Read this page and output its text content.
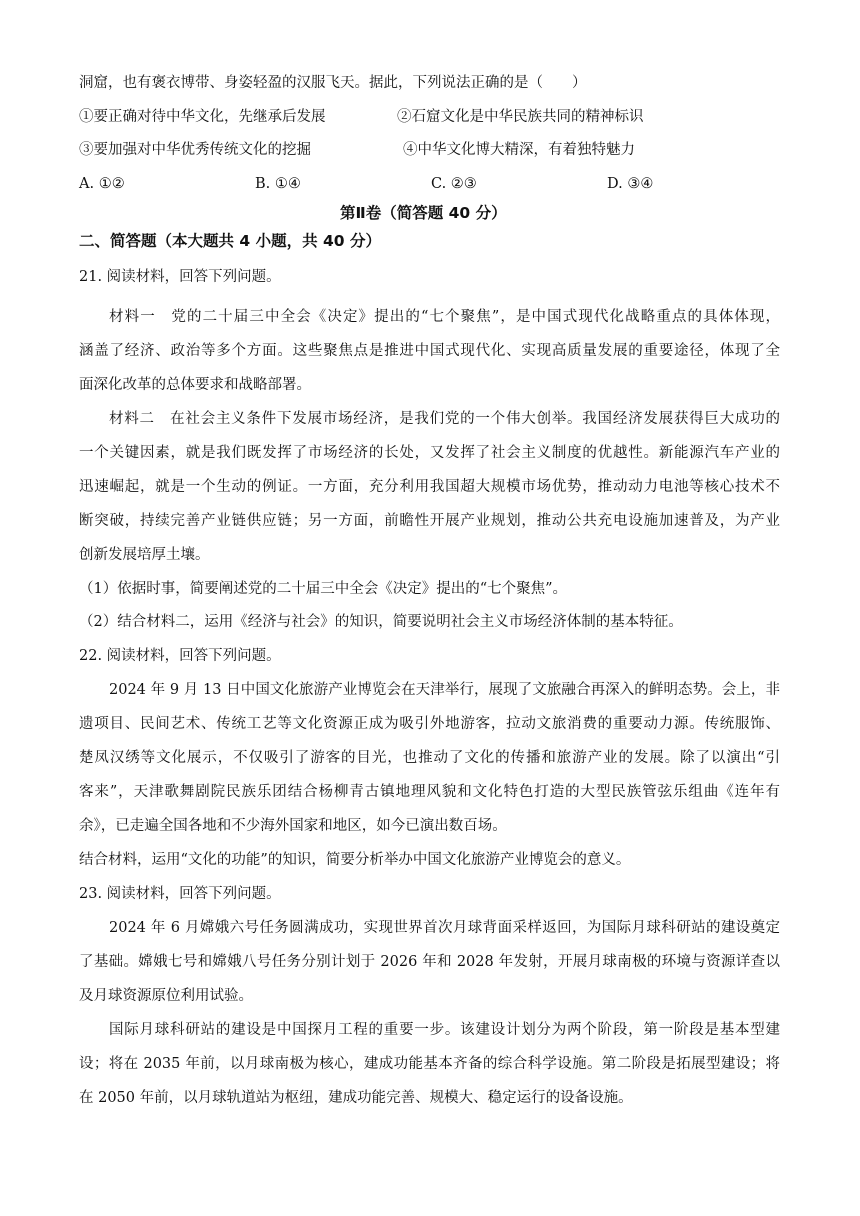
洞窟，也有褒衣博带、身姿轻盈的汉服飞天。据此，下列说法正确的是（　　）
①要正确对待中华文化，先继承后发展	②石窟文化是中华民族共同的精神标识
③要加强对中华优秀传统文化的挖掘	④中华文化博大精深，有着独特魅力
A. ①②	B. ①④	C. ②③	D. ③④
第Ⅱ卷（简答题 40 分）
二、简答题（本大题共 4 小题，共 40 分）
21. 阅读材料，回答下列问题。
材料一　党的二十届三中全会《决定》提出的“七个聚焦”，是中国式现代化战略重点的具体体现，
涵盖了经济、政治等多个方面。这些聚焦点是推进中国式现代化、实现高质量发展的重要途径，体现了全
面深化改革的总体要求和战略部署。
材料二　在社会主义条件下发展市场经济，是我们党的一个伟大创举。我国经济发展获得巨大成功的
一个关键因素，就是我们既发挥了市场经济的长处，又发挥了社会主义制度的优越性。新能源汽车产业的
迅速崛起，就是一个生动的例证。一方面，充分利用我国超大规模市场优势，推动动力电池等核心技术不
断突破，持续完善产业链供应链；另一方面，前瞻性开展产业规划，推动公共充电设施加速普及，为产业
创新发展培厚土壤。
（1）依据时事，简要阐述党的二十届三中全会《决定》提出的“七个聚焦”。
（2）结合材料二，运用《经济与社会》的知识，简要说明社会主义市场经济体制的基本特征。
22. 阅读材料，回答下列问题。
2024 年 9 月 13 日中国文化旅游产业博览会在天津举行，展现了文旅融合再深入的鲜明态势。会上，非
遗项目、民间艺术、传统工艺等文化资源正成为吸引外地游客，拉动文旅消费的重要动力源。传统服饰、
楚凤汉绣等文化展示，不仅吸引了游客的目光，也推动了文化的传播和旅游产业的发展。除了以演出“引
客来”，天津歌舞剧院民族乐团结合杨柳青古镇地理风貌和文化特色打造的大型民族管弦乐组曲《连年有
余》，已走遍全国各地和不少海外国家和地区，如今已演出数百场。
结合材料，运用“文化的功能”的知识，简要分析举办中国文化旅游产业博览会的意义。
23. 阅读材料，回答下列问题。
2024 年 6 月嫦娥六号任务圆满成功，实现世界首次月球背面采样返回，为国际月球科研站的建设奠定
了基础。嫦娥七号和嫦娥八号任务分别计划于 2026 年和 2028 年发射，开展月球南极的环境与资源详查以
及月球资源原位利用试验。
国际月球科研站的建设是中国探月工程的重要一步。该建设计划分为两个阶段，第一阶段是基本型建
设；将在 2035 年前，以月球南极为核心，建成功能基本齐备的综合科学设施。第二阶段是拓展型建设；将
在 2050 年前，以月球轨道站为枢纽，建成功能完善、规模大、稳定运行的设备设施。
